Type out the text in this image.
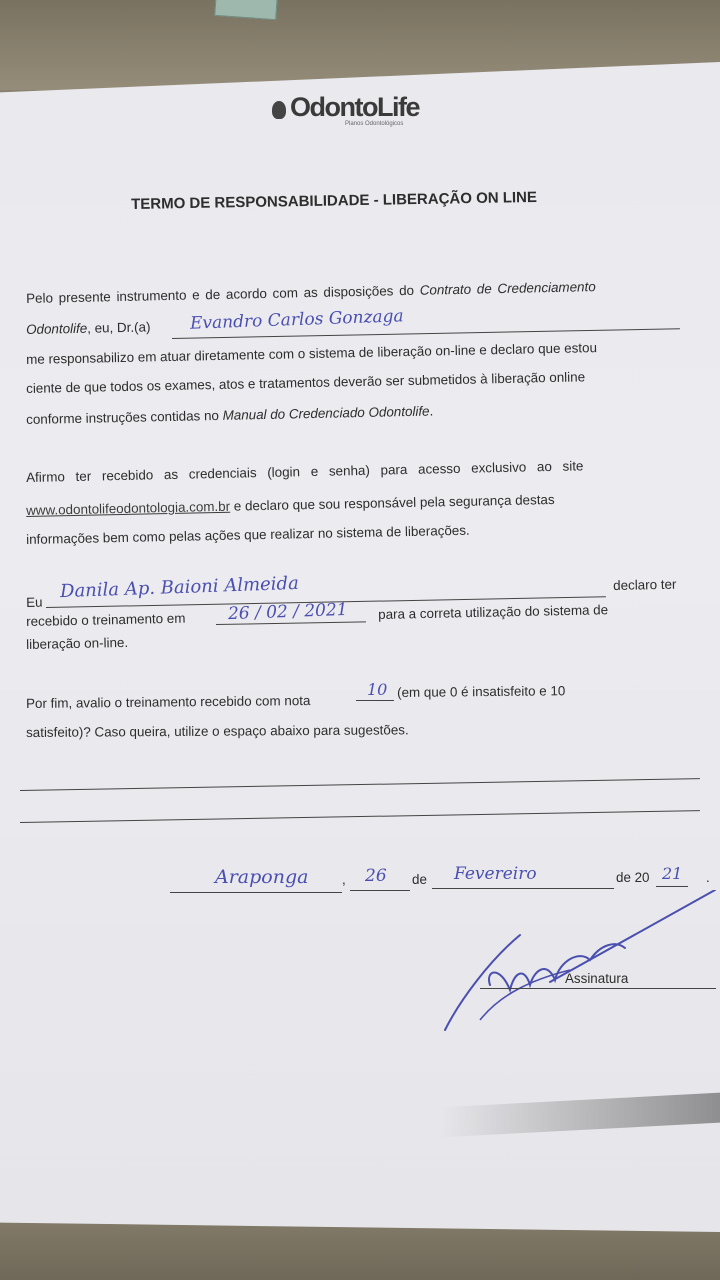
OdontoLife
Planos Odontológicos
TERMO DE RESPONSABILIDADE - LIBERAÇÃO ON LINE
Pelo presente instrumento e de acordo com as disposições do Contrato de Credenciamento
Odontolife, eu, Dr.(a) Evandro Carlos Gonzaga
me responsabilizo em atuar diretamente com o sistema de liberação on-line e declaro que estou
ciente de que todos os exames, atos e tratamentos deverão ser submetidos à liberação online
conforme instruções contidas no Manual do Credenciado Odontolife.
Afirmo ter recebido as credenciais (login e senha) para acesso exclusivo ao site
www.odontolifeodontologia.com.br e declaro que sou responsável pela segurança destas
informações bem como pelas ações que realizar no sistema de liberações.
Eu
Danila Ap. Baioni Almeida	declaro ter
recebido o treinamento em 26 / 02 / 2021 para a correta utilização do sistema de
liberação on-line.
Por fim, avalio o treinamento recebido com nota
10 (em que 0 é insatisfeito e 10
satisfeito)? Caso queira, utilize o espaço abaixo para sugestões.
Araponga	, 26 de Fevereiro	de 20 21 .
Assinatura
